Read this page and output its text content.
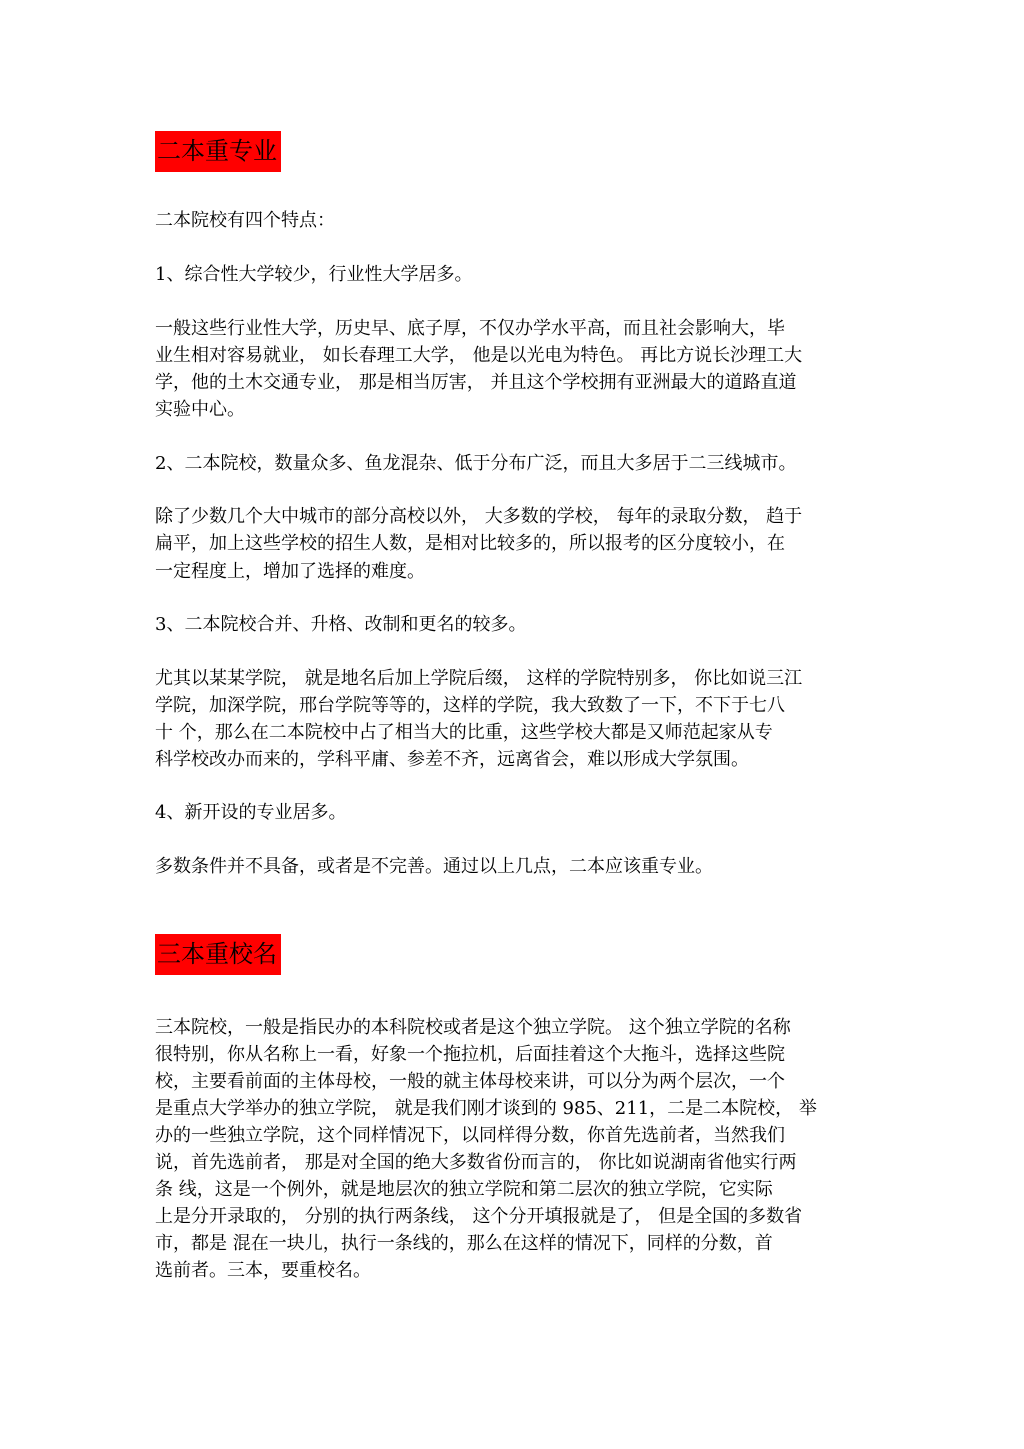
二本重专业
二本院校有四个特点：
1、综合性大学较少，行业性大学居多。
一般这些行业性大学，历史早、底子厚，不仅办学水平高，而且社会影响大，毕
业生相对容易就业， 如长春理工大学， 他是以光电为特色。 再比方说长沙理工大
学，他的土木交通专业， 那是相当厉害， 并且这个学校拥有亚洲最大的道路直道
实验中心。
2、二本院校，数量众多、鱼龙混杂、低于分布广泛，而且大多居于二三线城市。
除了少数几个大中城市的部分高校以外， 大多数的学校， 每年的录取分数， 趋于
扁平，加上这些学校的招生人数，是相对比较多的，所以报考的区分度较小，在
一定程度上，增加了选择的难度。
3、二本院校合并、升格、改制和更名的较多。
尤其以某某学院， 就是地名后加上学院后缀， 这样的学院特别多， 你比如说三江
学院，加深学院，邢台学院等等的，这样的学院，我大致数了一下，不下于七八
十 个，那么在二本院校中占了相当大的比重，这些学校大都是又师范起家从专
科学校改办而来的，学科平庸、参差不齐，远离省会，难以形成大学氛围。
4、新开设的专业居多。
多数条件并不具备，或者是不完善。通过以上几点，二本应该重专业。
三本重校名
三本院校，一般是指民办的本科院校或者是这个独立学院。 这个独立学院的名称
很特别，你从名称上一看，好象一个拖拉机，后面挂着这个大拖斗，选择这些院
校，主要看前面的主体母校，一般的就主体母校来讲，可以分为两个层次，一个
是重点大学举办的独立学院， 就是我们刚才谈到的 985、211，二是二本院校， 举
办的一些独立学院，这个同样情况下，以同样得分数，你首先选前者，当然我们
说，首先选前者， 那是对全国的绝大多数省份而言的， 你比如说湖南省他实行两
条 线，这是一个例外，就是地层次的独立学院和第二层次的独立学院，它实际
上是分开录取的， 分别的执行两条线， 这个分开填报就是了， 但是全国的多数省
市，都是 混在一块儿，执行一条线的，那么在这样的情况下，同样的分数，首
选前者。三本，要重校名。
